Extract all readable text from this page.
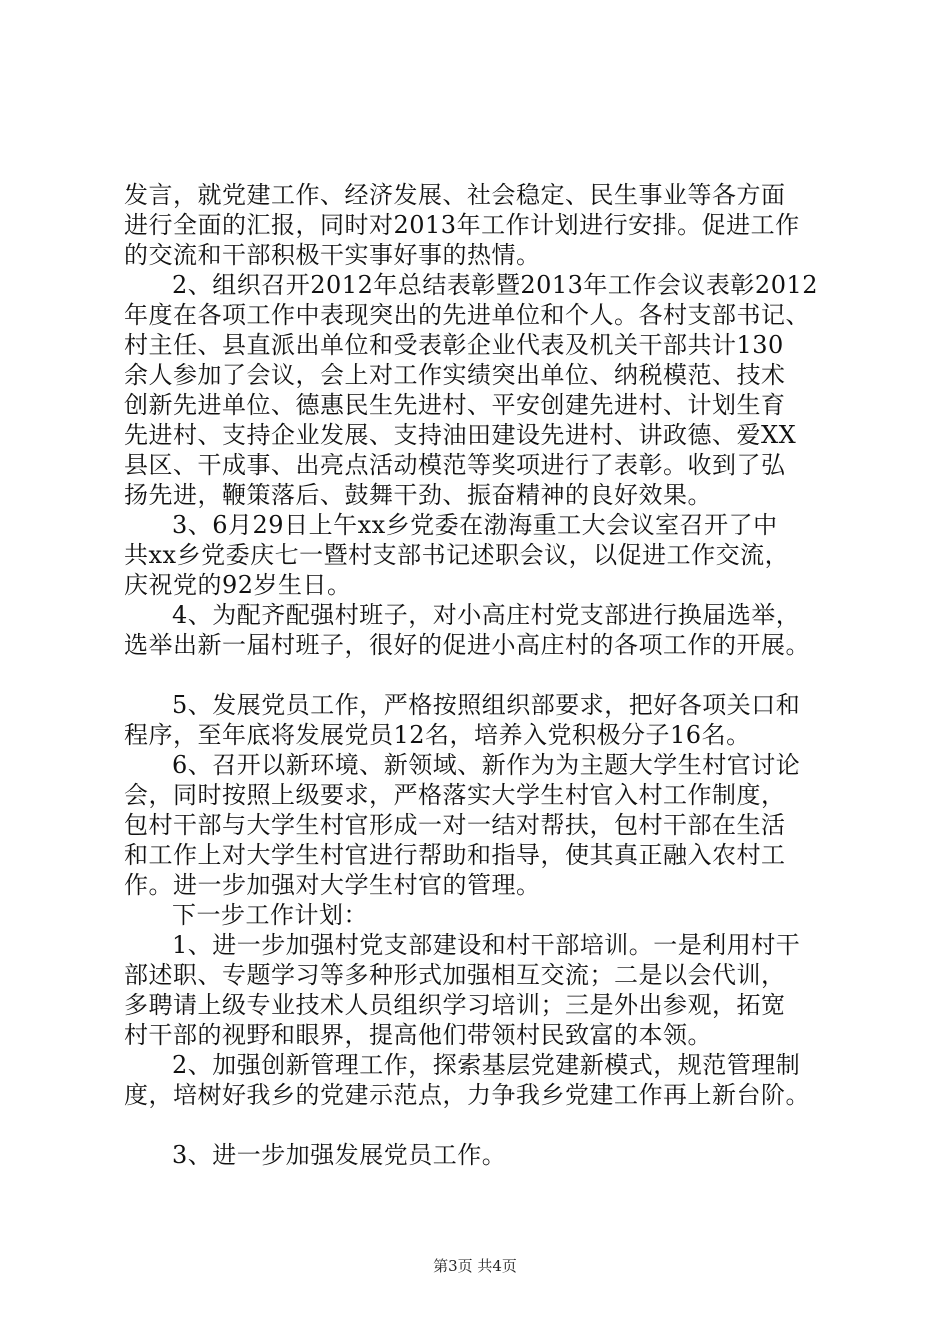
发言，就党建工作、经济发展、社会稳定、民生事业等各方面
进行全面的汇报，同时对2013年工作计划进行安排。促进工作
的交流和干部积极干实事好事的热情。
2、组织召开2012年总结表彰暨2013年工作会议表彰2012
年度在各项工作中表现突出的先进单位和个人。各村支部书记、
村主任、县直派出单位和受表彰企业代表及机关干部共计130
余人参加了会议，会上对工作实绩突出单位、纳税模范、技术
创新先进单位、德惠民生先进村、平安创建先进村、计划生育
先进村、支持企业发展、支持油田建设先进村、讲政德、爱XX
县区、干成事、出亮点活动模范等奖项进行了表彰。收到了弘
扬先进，鞭策落后、鼓舞干劲、振奋精神的良好效果。
3、6月29日上午xx乡党委在渤海重工大会议室召开了中
共xx乡党委庆七一暨村支部书记述职会议，以促进工作交流，
庆祝党的92岁生日。
4、为配齐配强村班子，对小高庄村党支部进行换届选举，
选举出新一届村班子，很好的促进小高庄村的各项工作的开展。
5、发展党员工作，严格按照组织部要求，把好各项关口和
程序，至年底将发展党员12名，培养入党积极分子16名。
6、召开以新环境、新领域、新作为为主题大学生村官讨论
会，同时按照上级要求，严格落实大学生村官入村工作制度，
包村干部与大学生村官形成一对一结对帮扶，包村干部在生活
和工作上对大学生村官进行帮助和指导，使其真正融入农村工
作。进一步加强对大学生村官的管理。
下一步工作计划：
1、进一步加强村党支部建设和村干部培训。一是利用村干
部述职、专题学习等多种形式加强相互交流；二是以会代训，
多聘请上级专业技术人员组织学习培训；三是外出参观，拓宽
村干部的视野和眼界，提高他们带领村民致富的本领。
2、加强创新管理工作，探索基层党建新模式，规范管理制
度，培树好我乡的党建示范点，力争我乡党建工作再上新台阶。
3、进一步加强发展党员工作。
第3页 共4页
